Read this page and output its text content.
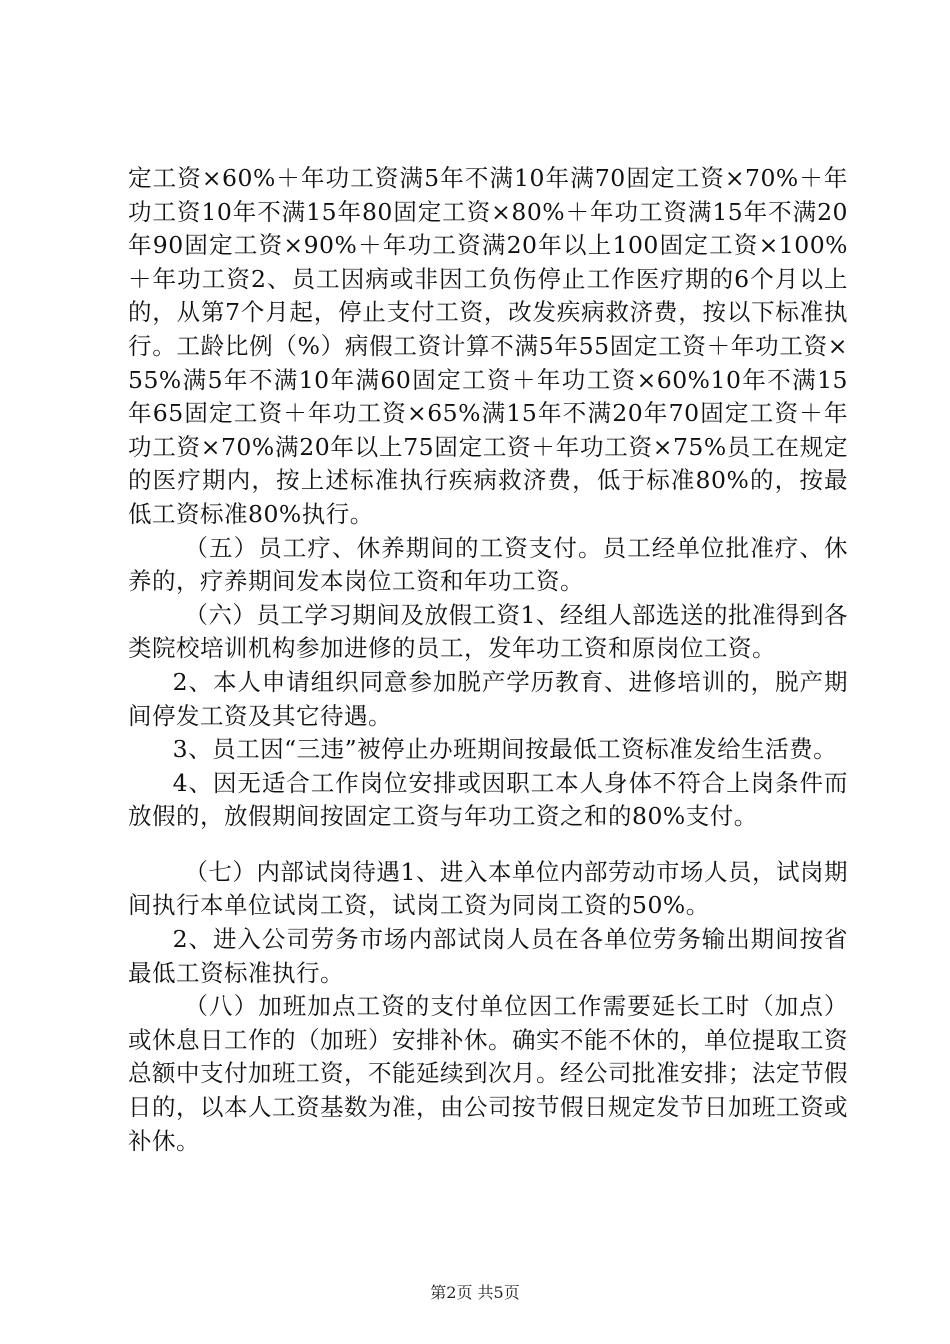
定工资×60%＋年功工资满5年不满10年满70固定工资×70%＋年功工资10年不满15年80固定工资×80%＋年功工资满15年不满20年90固定工资×90%＋年功工资满20年以上100固定工资×100%＋年功工资2、员工因病或非因工负伤停止工作医疗期的6个月以上的，从第7个月起，停止支付工资，改发疾病救济费，按以下标准执行。工龄比例（%）病假工资计算不满5年55固定工资＋年功工资×55%满5年不满10年满60固定工资＋年功工资×60%10年不满15年65固定工资＋年功工资×65%满15年不满20年70固定工资＋年功工资×70%满20年以上75固定工资＋年功工资×75%员工在规定的医疗期内，按上述标准执行疾病救济费，低于标准80%的，按最低工资标准80%执行。

（五）员工疗、休养期间的工资支付。员工经单位批准疗、休养的，疗养期间发本岗位工资和年功工资。

（六）员工学习期间及放假工资1、经组人部选送的批准得到各类院校培训机构参加进修的员工，发年功工资和原岗位工资。

2、本人申请组织同意参加脱产学历教育、进修培训的，脱产期间停发工资及其它待遇。

3、员工因“三违”被停止办班期间按最低工资标准发给生活费。

4、因无适合工作岗位安排或因职工本人身体不符合上岗条件而放假的，放假期间按固定工资与年功工资之和的80%支付。

（七）内部试岗待遇1、进入本单位内部劳动市场人员，试岗期间执行本单位试岗工资，试岗工资为同岗工资的50%。

2、进入公司劳务市场内部试岗人员在各单位劳务输出期间按省最低工资标准执行。

（八）加班加点工资的支付单位因工作需要延长工时（加点）或休息日工作的（加班）安排补休。确实不能不休的，单位提取工资总额中支付加班工资，不能延续到次月。经公司批准安排；法定节假日的，以本人工资基数为准，由公司按节假日规定发节日加班工资或补休。

第2页 共5页
